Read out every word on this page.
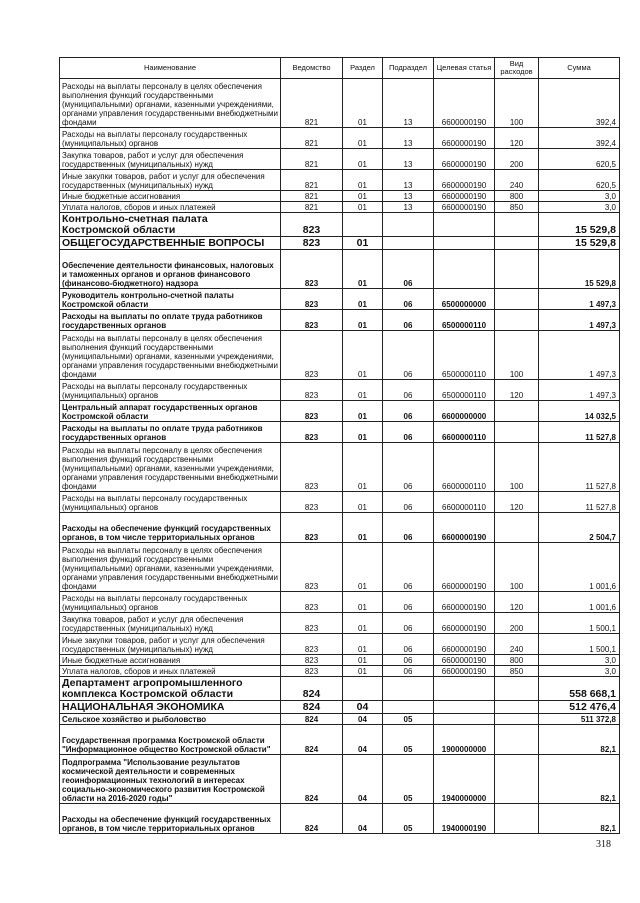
Наименование	Ведомство	Раздел	Подраздел	Целевая статья	Вид расходов	Сумма
Расходы на выплаты персоналу в целях обеспечения выполнения функций государственными (муниципальными) органами, казенными учреждениями, органами управления государственными внебюджетными фондами	821	01	13	6600000190	100	392,4
Расходы на выплаты персоналу государственных (муниципальных) органов	821	01	13	6600000190	120	392,4
Закупка товаров, работ и услуг для обеспечения государственных (муниципальных) нужд	821	01	13	6600000190	200	620,5
Иные закупки товаров, работ и услуг для обеспечения государственных (муниципальных) нужд	821	01	13	6600000190	240	620,5
Иные бюджетные ассигнования	821	01	13	6600000190	800	3,0
Уплата налогов, сборов и иных платежей	821	01	13	6600000190	850	3,0
Контрольно-счетная палата Костромской области	823					15 529,8
ОБЩЕГОСУДАРСТВЕННЫЕ ВОПРОСЫ	823	01				15 529,8
Обеспечение деятельности финансовых, налоговых и таможенных органов и органов финансового (финансово-бюджетного) надзора	823	01	06			15 529,8
Руководитель контрольно-счетной палаты Костромской области	823	01	06	6500000000		1 497,3
Расходы на выплаты по оплате труда работников государственных органов	823	01	06	6500000110		1 497,3
Расходы на выплаты персоналу в целях обеспечения выполнения функций государственными (муниципальными) органами, казенными учреждениями, органами управления государственными внебюджетными фондами	823	01	06	6500000110	100	1 497,3
Расходы на выплаты персоналу государственных (муниципальных) органов	823	01	06	6500000110	120	1 497,3
Центральный аппарат государственных органов Костромской области	823	01	06	6600000000		14 032,5
Расходы на выплаты по оплате труда работников государственных органов	823	01	06	6600000110		11 527,8
Расходы на выплаты персоналу в целях обеспечения выполнения функций государственными (муниципальными) органами, казенными учреждениями, органами управления государственными внебюджетными фондами	823	01	06	6600000110	100	11 527,8
Расходы на выплаты персоналу государственных (муниципальных) органов	823	01	06	6600000110	120	11 527,8
Расходы на обеспечение функций государственных органов, в том числе территориальных органов	823	01	06	6600000190		2 504,7
Расходы на выплаты персоналу в целях обеспечения выполнения функций государственными (муниципальными) органами, казенными учреждениями, органами управления государственными внебюджетными фондами	823	01	06	6600000190	100	1 001,6
Расходы на выплаты персоналу государственных (муниципальных) органов	823	01	06	6600000190	120	1 001,6
Закупка товаров, работ и услуг для обеспечения государственных (муниципальных) нужд	823	01	06	6600000190	200	1 500,1
Иные закупки товаров, работ и услуг для обеспечения государственных (муниципальных) нужд	823	01	06	6600000190	240	1 500,1
Иные бюджетные ассигнования	823	01	06	6600000190	800	3,0
Уплата налогов, сборов и иных платежей	823	01	06	6600000190	850	3,0
Департамент агропромышленного комплекса Костромской области	824					558 668,1
НАЦИОНАЛЬНАЯ ЭКОНОМИКА	824	04				512 476,4
Сельское хозяйство и рыболовство	824	04	05			511 372,8
Государственная программа Костромской области "Информационное общество Костромской области"	824	04	05	1900000000		82,1
Подпрограмма "Использование результатов космической деятельности и современных геоинформационных технологий в интересах социально-экономического развития Костромской области на 2016-2020 годы"	824	04	05	1940000000		82,1
Расходы на обеспечение функций государственных органов, в том числе территориальных органов	824	04	05	1940000190		82,1
318
